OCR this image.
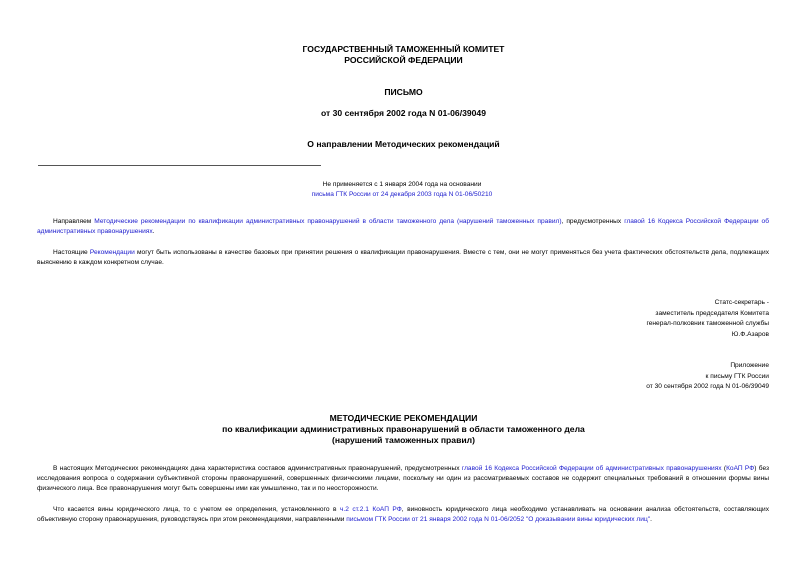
ГОСУДАРСТВЕННЫЙ ТАМОЖЕННЫЙ КОМИТЕТ
РОССИЙСКОЙ ФЕДЕРАЦИИ
ПИСЬМО
от 30 сентября 2002 года N 01-06/39049
О направлении Методических рекомендаций
Не применяется с 1 января 2004 года на основании
письма ГТК России от 24 декабря 2003 года N 01-06/50210
Направляем Методические рекомендации по квалификации административных правонарушений в области таможенного дела (нарушений таможенных правил), предусмотренных главой 16 Кодекса Российской Федерации об административных правонарушениях.
Настоящие Рекомендации могут быть использованы в качестве базовых при принятии решения о квалификации правонарушения. Вместе с тем, они не могут применяться без учета фактических обстоятельств дела, подлежащих выяснению в каждом конкретном случае.
Статс-секретарь -
заместитель председателя Комитета
генерал-полковник таможенной службы
Ю.Ф.Азаров
Приложение
к письму ГТК России
от 30 сентября 2002 года N 01-06/39049
МЕТОДИЧЕСКИЕ РЕКОМЕНДАЦИИ
по квалификации административных правонарушений в области таможенного дела
(нарушений таможенных правил)
В настоящих Методических рекомендациях дана характеристика составов административных правонарушений, предусмотренных главой 16 Кодекса Российской Федерации об административных правонарушениях (КоАП РФ) без исследования вопроса о содержании субъективной стороны правонарушений, совершенных физическими лицами, поскольку ни один из рассматриваемых составов не содержит специальных требований в отношении формы вины физического лица. Все правонарушения могут быть совершены ими как умышленно, так и по неосторожности.
Что касается вины юридического лица, то с учетом ее определения, установленного в ч.2 ст.2.1 КоАП РФ, виновность юридического лица необходимо устанавливать на основании анализа обстоятельств, составляющих объективную сторону правонарушения, руководствуясь при этом рекомендациями, направленными письмом ГТК России от 21 января 2002 года N 01-06/2052 "О доказывании вины юридических лиц".
